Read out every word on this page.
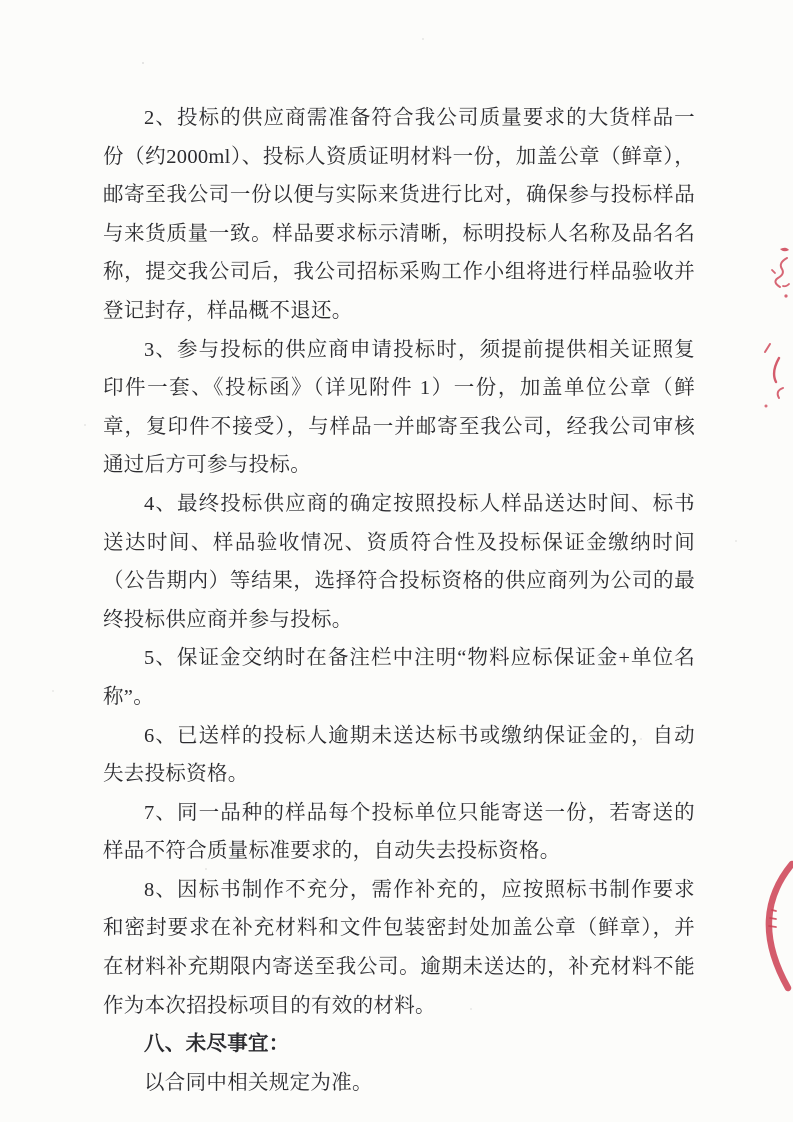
2、投标的供应商需准备符合我公司质量要求的大货样品一份（约2000ml）、投标人资质证明材料一份，加盖公章（鲜章），邮寄至我公司一份以便与实际来货进行比对，确保参与投标样品与来货质量一致。样品要求标示清晰，标明投标人名称及品名名称，提交我公司后，我公司招标采购工作小组将进行样品验收并登记封存，样品概不退还。

3、参与投标的供应商申请投标时，须提前提供相关证照复印件一套、《投标函》（详见附件 1）一份，加盖单位公章（鲜章，复印件不接受），与样品一并邮寄至我公司，经我公司审核通过后方可参与投标。

4、最终投标供应商的确定按照投标人样品送达时间、标书送达时间、样品验收情况、资质符合性及投标保证金缴纳时间（公告期内）等结果，选择符合投标资格的供应商列为公司的最终投标供应商并参与投标。

5、保证金交纳时在备注栏中注明“物料应标保证金+单位名称”。

6、已送样的投标人逾期未送达标书或缴纳保证金的，自动失去投标资格。

7、同一品种的样品每个投标单位只能寄送一份，若寄送的样品不符合质量标准要求的，自动失去投标资格。

8、因标书制作不充分，需作补充的，应按照标书制作要求和密封要求在补充材料和文件包装密封处加盖公章（鲜章），并在材料补充期限内寄送至我公司。逾期未送达的，补充材料不能作为本次招投标项目的有效的材料。

八、未尽事宜：

以合同中相关规定为准。
